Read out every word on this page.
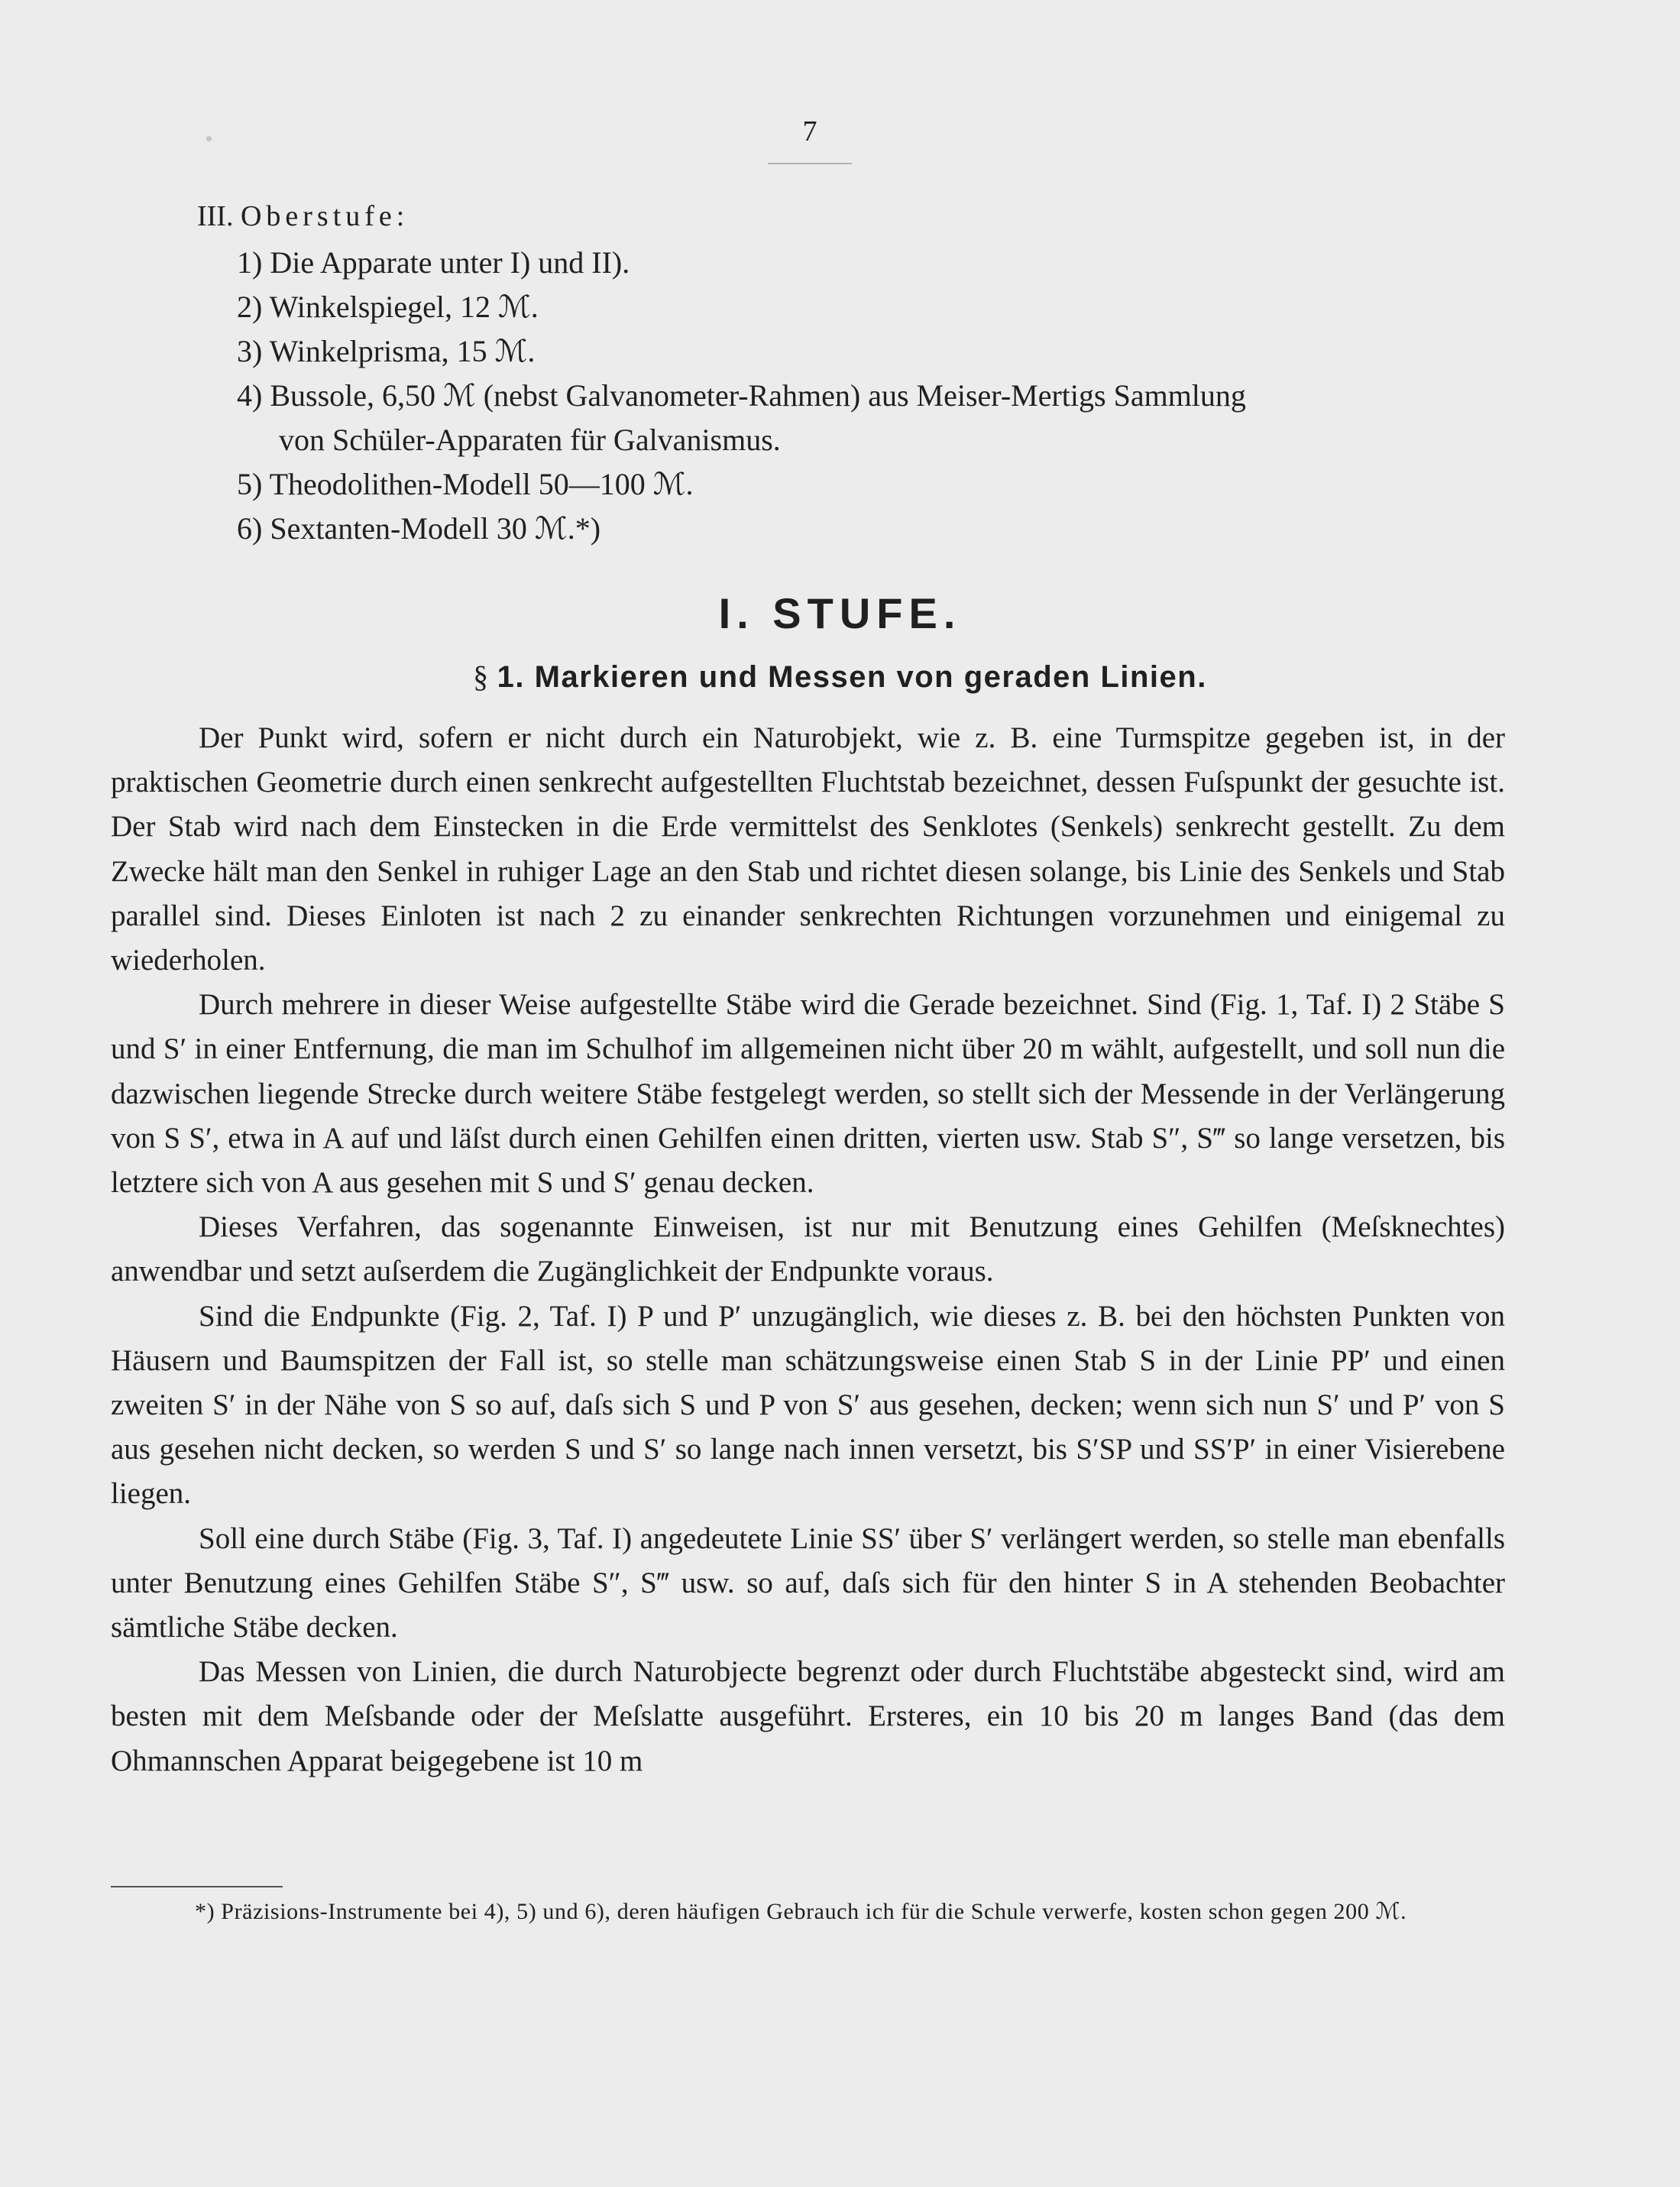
7
III. Oberstufe:
1) Die Apparate unter I) und II).
2) Winkelspiegel, 12 ℳ.
3) Winkelprisma, 15 ℳ.
4) Bussole, 6,50 ℳ (nebst Galvanometer-Rahmen) aus Meiser-Mertigs Sammlung
von Schüler-Apparaten für Galvanismus.
5) Theodolithen-Modell 50—100 ℳ.
6) Sextanten-Modell 30 ℳ.*)
I. STUFE.
§ 1. Markieren und Messen von geraden Linien.

Der Punkt wird, sofern er nicht durch ein Naturobjekt, wie z. B. eine Turmspitze gegeben ist, in der praktischen Geometrie durch einen senkrecht aufgestellten Fluchtstab bezeichnet, dessen Fuſspunkt der gesuchte ist. Der Stab wird nach dem Einstecken in die Erde vermittelst des Senklotes (Senkels) senkrecht gestellt. Zu dem Zwecke hält man den Senkel in ruhiger Lage an den Stab und richtet diesen solange, bis Linie des Senkels und Stab parallel sind. Dieses Einloten ist nach 2 zu einander senkrechten Richtungen vorzunehmen und einigemal zu wiederholen.

Durch mehrere in dieser Weise aufgestellte Stäbe wird die Gerade bezeichnet. Sind (Fig. 1, Taf. I) 2 Stäbe S und S′ in einer Entfernung, die man im Schulhof im allgemeinen nicht über 20 m wählt, aufgestellt, und soll nun die dazwischen liegende Strecke durch weitere Stäbe festgelegt werden, so stellt sich der Messende in der Verlängerung von S S′, etwa in A auf und läſst durch einen Gehilfen einen dritten, vierten usw. Stab S″, S‴ so lange versetzen, bis letztere sich von A aus gesehen mit S und S′ genau decken.

Dieses Verfahren, das sogenannte Einweisen, ist nur mit Benutzung eines Gehilfen (Meſsknechtes) anwendbar und setzt auſserdem die Zugänglichkeit der Endpunkte voraus.

Sind die Endpunkte (Fig. 2, Taf. I) P und P′ unzugänglich, wie dieses z. B. bei den höchsten Punkten von Häusern und Baumspitzen der Fall ist, so stelle man schätzungsweise einen Stab S in der Linie PP′ und einen zweiten S′ in der Nähe von S so auf, daſs sich S und P von S′ aus gesehen, decken; wenn sich nun S′ und P′ von S aus gesehen nicht decken, so werden S und S′ so lange nach innen versetzt, bis S′SP und SS′P′ in einer Visierebene liegen.

Soll eine durch Stäbe (Fig. 3, Taf. I) angedeutete Linie SS′ über S′ verlängert werden, so stelle man ebenfalls unter Benutzung eines Gehilfen Stäbe S″, S‴ usw. so auf, daſs sich für den hinter S in A stehenden Beobachter sämtliche Stäbe decken.

Das Messen von Linien, die durch Naturobjecte begrenzt oder durch Fluchtstäbe abgesteckt sind, wird am besten mit dem Meſsbande oder der Meſslatte ausgeführt. Ersteres, ein 10 bis 20 m langes Band (das dem Ohmannschen Apparat beigegebene ist 10 m

*) Präzisions-Instrumente bei 4), 5) und 6), deren häufigen Gebrauch ich für die Schule verwerfe, kosten schon gegen 200 ℳ.
